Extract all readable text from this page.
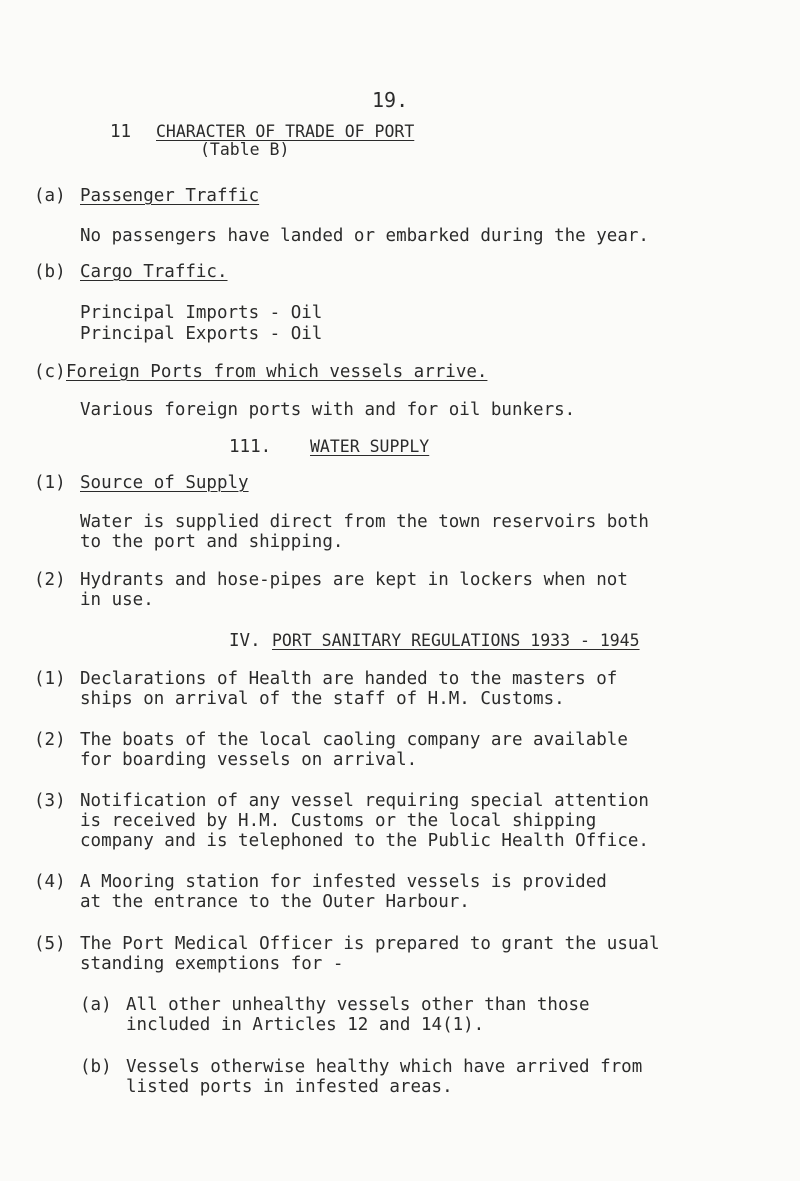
19.
11 CHARACTER OF TRADE OF PORT
(Table B)
(a) Passenger Traffic
No passengers have landed or embarked during the year.
(b) Cargo Traffic.
Principal Imports - Oil
Principal Exports - Oil
(c) Foreign Ports from which vessels arrive.
Various foreign ports with and for oil bunkers.
111. WATER SUPPLY
(1) Source of Supply
Water is supplied direct from the town reservoirs both
to the port and shipping.
(2) Hydrants and hose-pipes are kept in lockers when not
in use.
IV. PORT SANITARY REGULATIONS 1933 - 1945
(1) Declarations of Health are handed to the masters of
ships on arrival of the staff of H.M. Customs.
(2) The boats of the local caoling company are available
for boarding vessels on arrival.
(3) Notification of any vessel requiring special attention
is received by H.M. Customs or the local shipping
company and is telephoned to the Public Health Office.
(4) A Mooring station for infested vessels is provided
at the entrance to the Outer Harbour.
(5) The Port Medical Officer is prepared to grant the usual
standing exemptions for -
(a) All other unhealthy vessels other than those
included in Articles 12 and 14(1).
(b) Vessels otherwise healthy which have arrived from
listed ports in infested areas.
